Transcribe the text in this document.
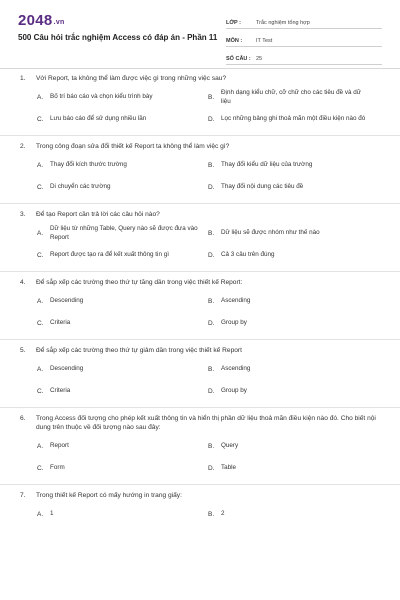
2048.vn
500 Câu hỏi trắc nghiệm Access có đáp án - Phần 11
LỚP :	Trắc nghiệm tổng hợp
MÔN :	IT Test
SỐ CÂU : 25
1.	Với Report, ta không thể làm được việc gì trong những việc sau?
A.	Bố trí báo cáo và chọn kiểu trình bày	B.
Định dạng kiểu chữ, cỡ chữ cho các tiêu đề và dữ liệu
C.	Lưu báo cáo để sử dụng nhiều lần	D.	Lọc những bảng ghi thoả mãn một điều kiện nào đó
2.	Trong công đoạn sửa đổi thiết kế Report ta không thể làm việc gì?
A.	Thay đổi kích thước trường	B.	Thay đổi kiểu dữ liệu của trường
C.	Di chuyển các trường	D.	Thay đổi nội dung các tiêu đề
3.	Để tạo Report cần trả lời các câu hỏi nào?
A.
Dữ liệu từ những Table, Query nào sẽ được đưa vào Report	B.	Dữ liệu sẽ được nhóm như thế nào
C.	Report được tạo ra để kết xuất thông tin gì	D.	Cả 3 câu trên đúng
4.	Để sắp xếp các trường theo thứ tự tăng dần trong việc thiết kế Report:
A.	Descending	B.	Ascending
C.	Criteria	D.	Group by
5.	Để sắp xếp các trường theo thứ tự giảm dần trong việc thiết kế Report
A.	Descending	B.	Ascending
C.	Criteria	D.	Group by
6.	Trong Access đối tượng cho phép kết xuất thông tin và hiển thị phần dữ liệu thoả mãn điều kiện nào đó. Cho biết nội dung trên thuộc về đối tượng nào sau đây:
A.	Report	B.	Query
C.	Form	D.	Table
7.	Trong thiết kế Report có mấy hướng in trang giấy:
A.	1	B.	2
